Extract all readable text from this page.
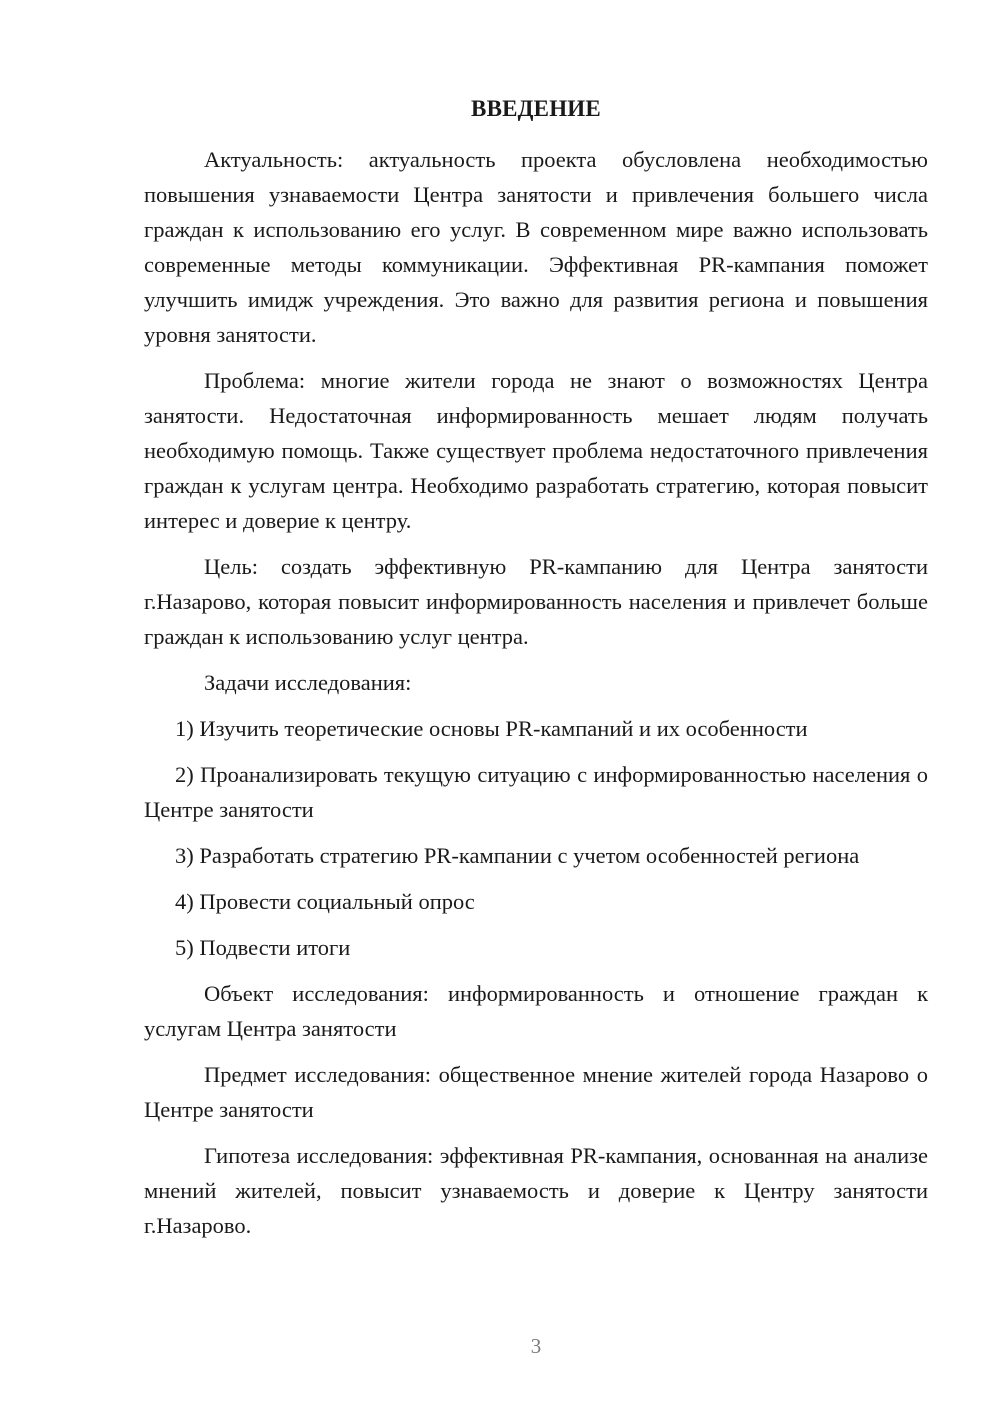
ВВЕДЕНИЕ

Актуальность: актуальность проекта обусловлена необходимостью повышения узнаваемости Центра занятости и привлечения большего числа граждан к использованию его услуг. В современном мире важно использовать современные методы коммуникации. Эффективная PR-кампания поможет улучшить имидж учреждения. Это важно для развития региона и повышения уровня занятости.

Проблема: многие жители города не знают о возможностях Центра занятости. Недостаточная информированность мешает людям получать необходимую помощь. Также существует проблема недостаточного привлечения граждан к услугам центра. Необходимо разработать стратегию, которая повысит интерес и доверие к центру.

Цель: создать эффективную PR-кампанию для Центра занятости г.Назарово, которая повысит информированность населения и привлечет больше граждан к использованию услуг центра.

Задачи исследования:

1) Изучить теоретические основы PR-кампаний и их особенности

2) Проанализировать текущую ситуацию с информированностью населения о Центре занятости

3) Разработать стратегию PR-кампании с учетом особенностей региона

4) Провести социальный опрос

5) Подвести итоги

Объект исследования: информированность и отношение граждан к услугам Центра занятости

Предмет исследования: общественное мнение жителей города Назарово о Центре занятости

Гипотеза исследования: эффективная PR-кампания, основанная на анализе мнений жителей, повысит узнаваемость и доверие к Центру занятости г.Назарово.

3
